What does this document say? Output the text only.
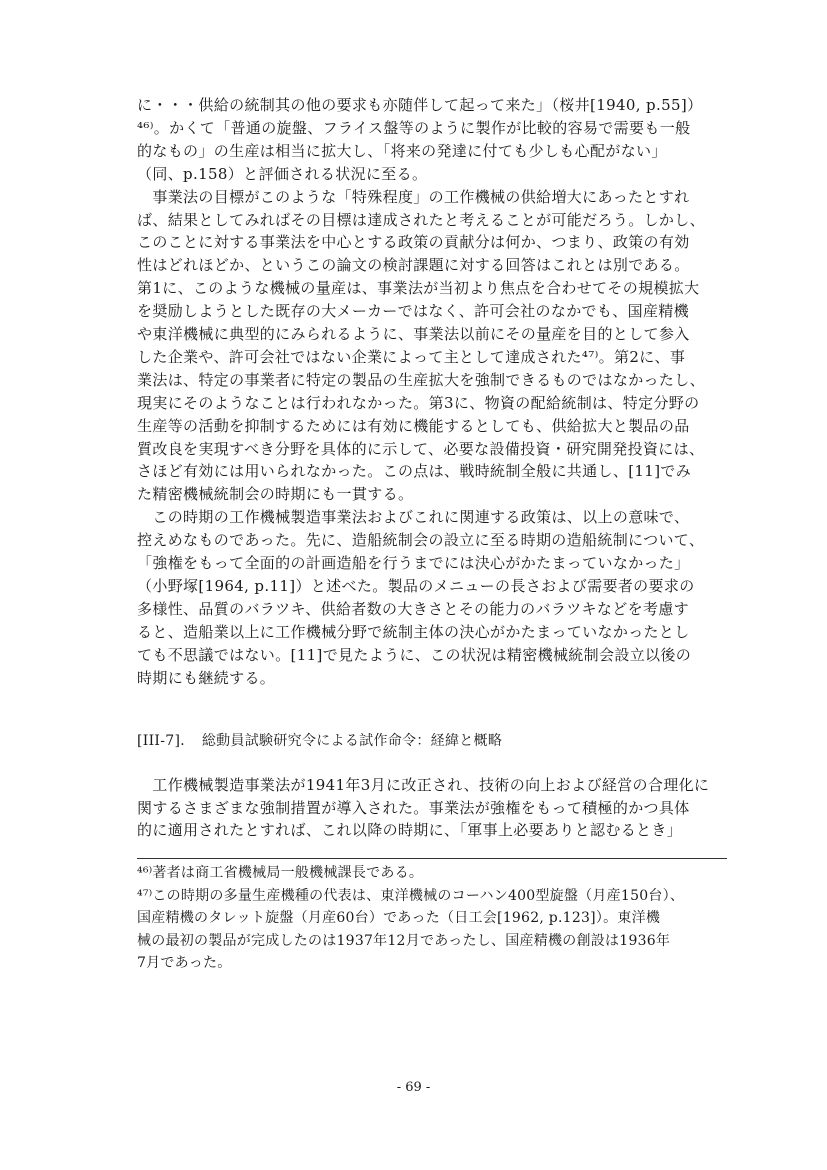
に・・・供給の統制其の他の要求も亦随伴して起って来た」（桜井[1940, p.55]）
⁴⁶⁾。かくて「普通の旋盤、フライス盤等のように製作が比較的容易で需要も一般
的なもの」の生産は相当に拡大し、「将来の発達に付ても少しも心配がない」
（同、p.158）と評価される状況に至る。
　事業法の目標がこのような「特殊程度」の工作機械の供給増大にあったとすれ
ば、結果としてみればその目標は達成されたと考えることが可能だろう。しかし、
このことに対する事業法を中心とする政策の貢献分は何か、つまり、政策の有効
性はどれほどか、というこの論文の検討課題に対する回答はこれとは別である。
第1に、このような機械の量産は、事業法が当初より焦点を合わせてその規模拡大
を奨励しようとした既存の大メーカーではなく、許可会社のなかでも、国産精機
や東洋機械に典型的にみられるように、事業法以前にその量産を目的として参入
した企業や、許可会社ではない企業によって主として達成された⁴⁷⁾。第2に、事
業法は、特定の事業者に特定の製品の生産拡大を強制できるものではなかったし、
現実にそのようなことは行われなかった。第3に、物資の配給統制は、特定分野の
生産等の活動を抑制するためには有効に機能するとしても、供給拡大と製品の品
質改良を実現すべき分野を具体的に示して、必要な設備投資・研究開発投資には、
さほど有効には用いられなかった。この点は、戦時統制全般に共通し、[11]でみ
た精密機械統制会の時期にも一貫する。
　この時期の工作機械製造事業法およびこれに関連する政策は、以上の意味で、
控えめなものであった。先に、造船統制会の設立に至る時期の造船統制について、
「強権をもって全面的の計画造船を行うまでには決心がかたまっていなかった」
（小野塚[1964, p.11]）と述べた。製品のメニューの長さおよび需要者の要求の
多様性、品質のバラツキ、供給者数の大きさとその能力のバラツキなどを考慮す
ると、造船業以上に工作機械分野で統制主体の決心がかたまっていなかったとし
ても不思議ではない。[11]で見たように、この状況は精密機械統制会設立以後の
時期にも継続する。
[III-7]．　総動員試験研究令による試作命令：経緯と概略
　工作機械製造事業法が1941年3月に改正され、技術の向上および経営の合理化に
関するさまざまな強制措置が導入された。事業法が強権をもって積極的かつ具体
的に適用されたとすれば、これ以降の時期に、「軍事上必要ありと認むるとき」
⁴⁶⁾著者は商工省機械局一般機械課長である。
⁴⁷⁾この時期の多量生産機種の代表は、東洋機械のコーハン400型旋盤（月産150台）、
国産精機のタレット旋盤（月産60台）であった（日工会[1962, p.123]）。東洋機
械の最初の製品が完成したのは1937年12月であったし、国産精機の創設は1936年
7月であった。
- 69 -
